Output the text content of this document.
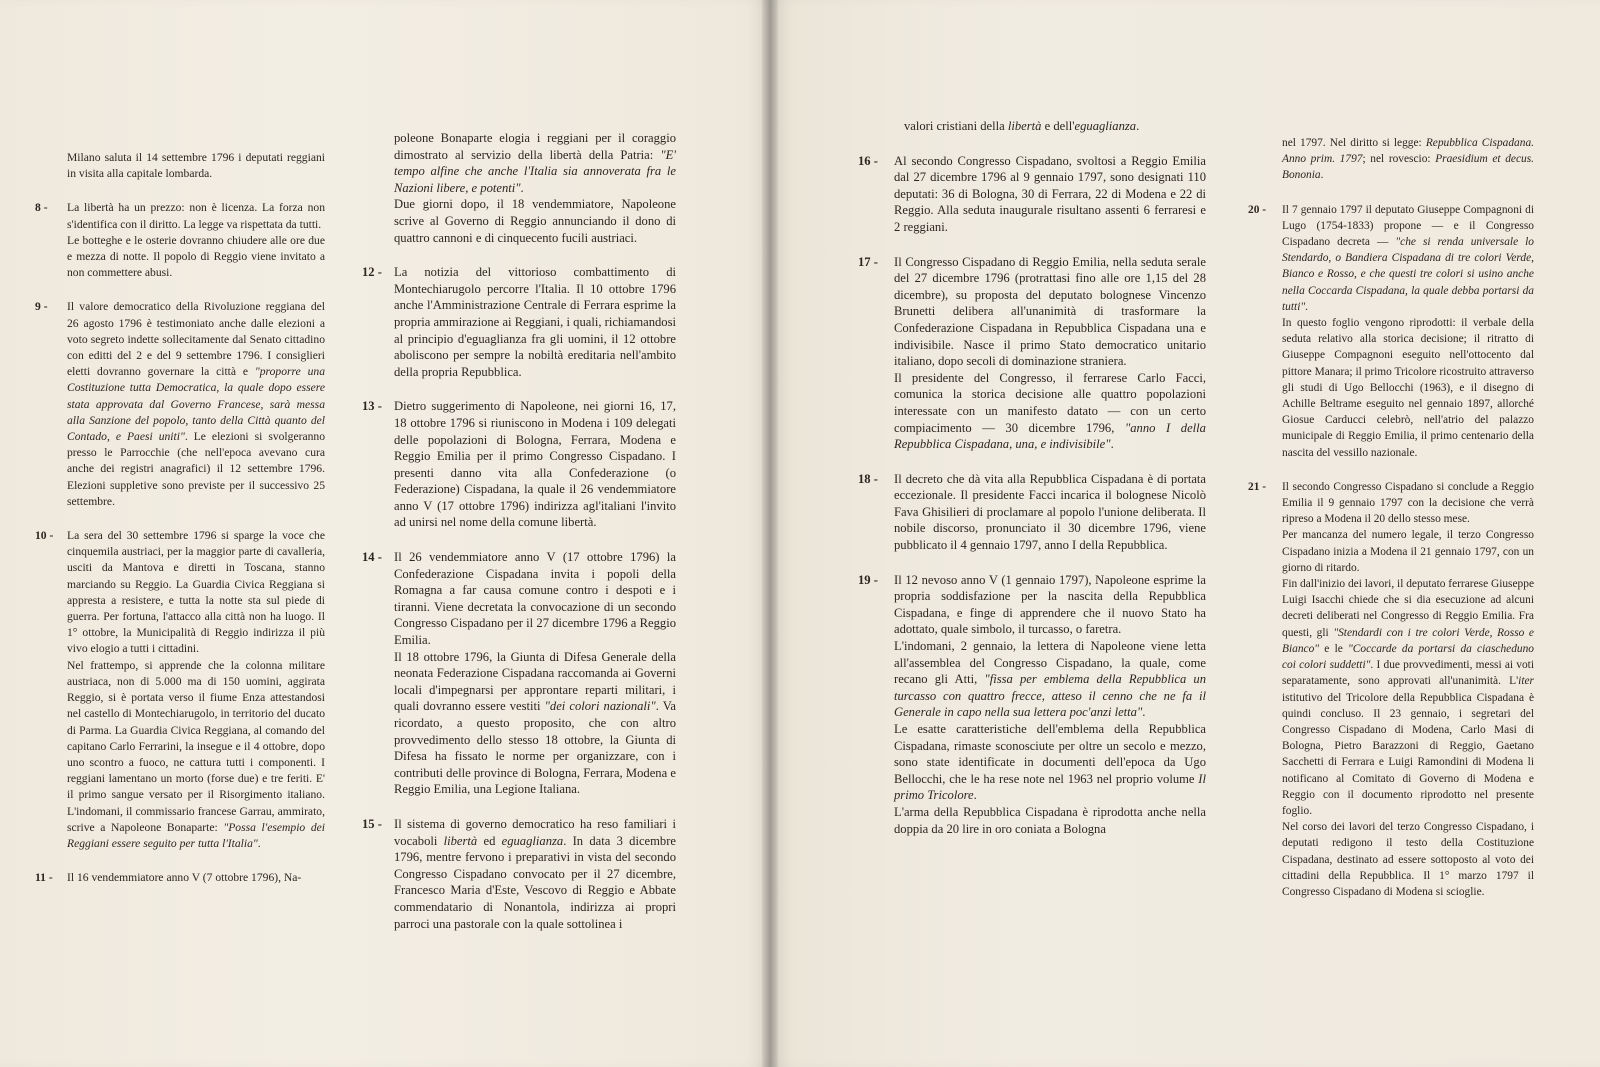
Milano saluta il 14 settembre 1796 i deputati reggiani in visita alla capitale lombarda.

8 - La libertà ha un prezzo: non è licenza. La forza non s'identifica con il diritto. La legge va rispettata da tutti.

Le botteghe e le osterie dovranno chiudere alle ore due e mezza di notte. Il popolo di Reggio viene invitato a non commettere abusi.

9 - Il valore democratico della Rivoluzione reggiana del 26 agosto 1796 è testimoniato anche dalle elezioni a voto segreto indette sollecitamente dal Senato cittadino con editti del 2 e del 9 settembre 1796. I consiglieri eletti dovranno governare la città e "proporre una Costituzione tutta Democratica, la quale dopo essere stata approvata dal Governo Francese, sarà messa alla Sanzione del popolo, tanto della Città quanto del Contado, e Paesi uniti". Le elezioni si svolgeranno presso le Parrocchie (che nell'epoca avevano cura anche dei registri anagrafici) il 12 settembre 1796. Elezioni suppletive sono previste per il successivo 25 settembre.

10 - La sera del 30 settembre 1796 si sparge la voce che cinquemila austriaci, per la maggior parte di cavalleria, usciti da Mantova e diretti in Toscana, stanno marciando su Reggio. La Guardia Civica Reggiana si appresta a resistere, e tutta la notte sta sul piede di guerra. Per fortuna, l'attacco alla città non ha luogo. Il 1° ottobre, la Municipalità di Reggio indirizza il più vivo elogio a tutti i cittadini.

Nel frattempo, si apprende che la colonna militare austriaca, non di 5.000 ma di 150 uomini, aggirata Reggio, si è portata verso il fiume Enza attestandosi nel castello di Montechiarugolo, in territorio del ducato di Parma. La Guardia Civica Reggiana, al comando del capitano Carlo Ferrarini, la insegue e il 4 ottobre, dopo uno scontro a fuoco, ne cattura tutti i componenti. I reggiani lamentano un morto (forse due) e tre feriti. E' il primo sangue versato per il Risorgimento italiano. L'indomani, il commissario francese Garrau, ammirato, scrive a Napoleone Bonaparte: "Possa l'esempio dei Reggiani essere seguito per tutta l'Italia".

11 - Il 16 vendemmiatore anno V (7 ottobre 1796), Na-

poleone Bonaparte elogia i reggiani per il coraggio dimostrato al servizio della libertà della Patria: "E' tempo alfine che anche l'Italia sia annoverata fra le Nazioni libere, e potenti".

Due giorni dopo, il 18 vendemmiatore, Napoleone scrive al Governo di Reggio annunciando il dono di quattro cannoni e di cinquecento fucili austriaci.

12 - La notizia del vittorioso combattimento di Montechiarugolo percorre l'Italia. Il 10 ottobre 1796 anche l'Amministrazione Centrale di Ferrara esprime la propria ammirazione ai Reggiani, i quali, richiamandosi al principio d'eguaglianza fra gli uomini, il 12 ottobre aboliscono per sempre la nobiltà ereditaria nell'ambito della propria Repubblica.

13 - Dietro suggerimento di Napoleone, nei giorni 16, 17, 18 ottobre 1796 si riuniscono in Modena i 109 delegati delle popolazioni di Bologna, Ferrara, Modena e Reggio Emilia per il primo Congresso Cispadano. I presenti danno vita alla Confederazione (o Federazione) Cispadana, la quale il 26 vendemmiatore anno V (17 ottobre 1796) indirizza agl'italiani l'invito ad unirsi nel nome della comune libertà.

14 - Il 26 vendemmiatore anno V (17 ottobre 1796) la Confederazione Cispadana invita i popoli della Romagna a far causa comune contro i despoti e i tiranni. Viene decretata la convocazione di un secondo Congresso Cispadano per il 27 dicembre 1796 a Reggio Emilia.

Il 18 ottobre 1796, la Giunta di Difesa Generale della neonata Federazione Cispadana raccomanda ai Governi locali d'impegnarsi per approntare reparti militari, i quali dovranno essere vestiti "dei colori nazionali". Va ricordato, a questo proposito, che con altro provvedimento dello stesso 18 ottobre, la Giunta di Difesa ha fissato le norme per organizzare, con i contributi delle province di Bologna, Ferrara, Modena e Reggio Emilia, una Legione Italiana.

15 - Il sistema di governo democratico ha reso familiari i vocaboli libertà ed eguaglianza. In data 3 dicembre 1796, mentre fervono i preparativi in vista del secondo Congresso Cispadano convocato per il 27 dicembre, Francesco Maria d'Este, Vescovo di Reggio e Abbate commendatario di Nonantola, indirizza ai propri parroci una pastorale con la quale sottolinea i

valori cristiani della libertà e dell'eguaglianza.

16 - Al secondo Congresso Cispadano, svoltosi a Reggio Emilia dal 27 dicembre 1796 al 9 gennaio 1797, sono designati 110 deputati: 36 di Bologna, 30 di Ferrara, 22 di Modena e 22 di Reggio. Alla seduta inaugurale risultano assenti 6 ferraresi e 2 reggiani.

17 - Il Congresso Cispadano di Reggio Emilia, nella seduta serale del 27 dicembre 1796 (protrattasi fino alle ore 1,15 del 28 dicembre), su proposta del deputato bolognese Vincenzo Brunetti delibera all'unanimità di trasformare la Confederazione Cispadana in Repubblica Cispadana una e indivisibile. Nasce il primo Stato democratico unitario italiano, dopo secoli di dominazione straniera.

Il presidente del Congresso, il ferrarese Carlo Facci, comunica la storica decisione alle quattro popolazioni interessate con un manifesto datato — con un certo compiacimento — 30 dicembre 1796, "anno I della Repubblica Cispadana, una, e indivisibile".

18 - Il decreto che dà vita alla Repubblica Cispadana è di portata eccezionale. Il presidente Facci incarica il bolognese Nicolò Fava Ghisilieri di proclamare al popolo l'unione deliberata. Il nobile discorso, pronunciato il 30 dicembre 1796, viene pubblicato il 4 gennaio 1797, anno I della Repubblica.

19 - Il 12 nevoso anno V (1 gennaio 1797), Napoleone esprime la propria soddisfazione per la nascita della Repubblica Cispadana, e finge di apprendere che il nuovo Stato ha adottato, quale simbolo, il turcasso, o faretra.

L'indomani, 2 gennaio, la lettera di Napoleone viene letta all'assemblea del Congresso Cispadano, la quale, come recano gli Atti, "fissa per emblema della Repubblica un turcasso con quattro frecce, atteso il cenno che ne fa il Generale in capo nella sua lettera poc'anzi letta".

Le esatte caratteristiche dell'emblema della Repubblica Cispadana, rimaste sconosciute per oltre un secolo e mezzo, sono state identificate in documenti dell'epoca da Ugo Bellocchi, che le ha rese note nel 1963 nel proprio volume Il primo Tricolore.

L'arma della Repubblica Cispadana è riprodotta anche nella doppia da 20 lire in oro coniata a Bologna

nel 1797. Nel diritto si legge: Repubblica Cispadana. Anno prim. 1797; nel rovescio: Praesidium et decus. Bononia.

20 - Il 7 gennaio 1797 il deputato Giuseppe Compagnoni di Lugo (1754-1833) propone — e il Congresso Cispadano decreta — "che si renda universale lo Stendardo, o Bandiera Cispadana di tre colori Verde, Bianco e Rosso, e che questi tre colori si usino anche nella Coccarda Cispadana, la quale debba portarsi da tutti".

In questo foglio vengono riprodotti: il verbale della seduta relativo alla storica decisione; il ritratto di Giuseppe Compagnoni eseguito nell'ottocento dal pittore Manara; il primo Tricolore ricostruito attraverso gli studi di Ugo Bellocchi (1963), e il disegno di Achille Beltrame eseguito nel gennaio 1897, allorché Giosue Carducci celebrò, nell'atrio del palazzo municipale di Reggio Emilia, il primo centenario della nascita del vessillo nazionale.

21 - Il secondo Congresso Cispadano si conclude a Reggio Emilia il 9 gennaio 1797 con la decisione che verrà ripreso a Modena il 20 dello stesso mese.

Per mancanza del numero legale, il terzo Congresso Cispadano inizia a Modena il 21 gennaio 1797, con un giorno di ritardo.

Fin dall'inizio dei lavori, il deputato ferrarese Giuseppe Luigi Isacchi chiede che si dia esecuzione ad alcuni decreti deliberati nel Congresso di Reggio Emilia. Fra questi, gli "Stendardi con i tre colori Verde, Rosso e Bianco" e le "Coccarde da portarsi da ciascheduno coi colori suddetti". I due provvedimenti, messi ai voti separatamente, sono approvati all'unanimità. L'iter istitutivo del Tricolore della Repubblica Cispadana è quindi concluso. Il 23 gennaio, i segretari del Congresso Cispadano di Modena, Carlo Masi di Bologna, Pietro Barazzoni di Reggio, Gaetano Sacchetti di Ferrara e Luigi Ramondini di Modena li notificano al Comitato di Governo di Modena e Reggio con il documento riprodotto nel presente foglio.

Nel corso dei lavori del terzo Congresso Cispadano, i deputati redigono il testo della Costituzione Cispadana, destinato ad essere sottoposto al voto dei cittadini della Repubblica. Il 1° marzo 1797 il Congresso Cispadano di Modena si scioglie.
